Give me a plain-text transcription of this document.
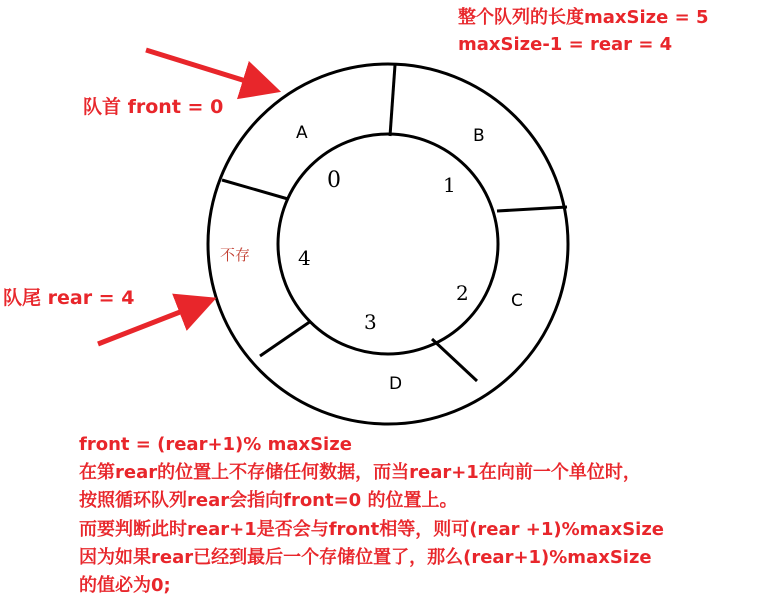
0	1
2
3
4
A	B
C
D
不存
整个队列的长度maxSize = 5
maxSize-1 = rear = 4
队首 front = 0
队尾 rear = 4
front = (rear+1)% maxSize
在第rear的位置上不存储任何数据，而当rear+1在向前一个单位时，
按照循环队列rear会指向front=0 的位置上。
而要判断此时rear+1是否会与front相等，则可(rear +1)%maxSize
因为如果rear已经到最后一个存储位置了，那么(rear+1)%maxSize
的值必为0;
